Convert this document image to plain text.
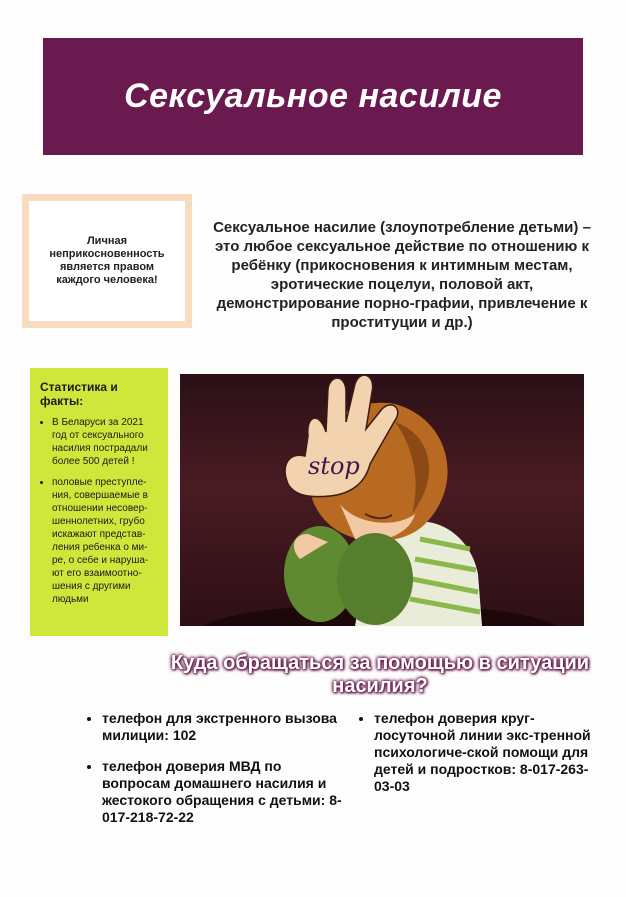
Сексуальное насилие

Личная неприкосновенность является правом каждого человека!

Сексуальное насилие (злоупотребление детьми) – это любое сексуальное действие по отношению к ребёнку (прикосновения к интимным местам, эротические поцелуи, половой акт, демонстрирование порно-графии, привлечение к проституции и др.)
Статистика и факты:
• В Беларуси за 2021 год от сексуального насилия пострадали более 500 детей !
• половые преступле-ния, совершаемые в отношении несовер-шеннолетних, грубо искажают представ-ления ребенка о ми-ре, о себе и наруша-ют его взаимоотно-шения с другими людьми
stop
Куда обращаться за помощью в ситуации насилия?
• телефон для экстренного вызова милиции: 102
• телефон доверия МВД по вопросам домашнего насилия и жестокого обращения с детьми: 8-017-218-72-22
• телефон доверия круг-лосуточной линии экс-тренной психологиче-ской помощи для детей и подростков: 8-017-263-03-03
